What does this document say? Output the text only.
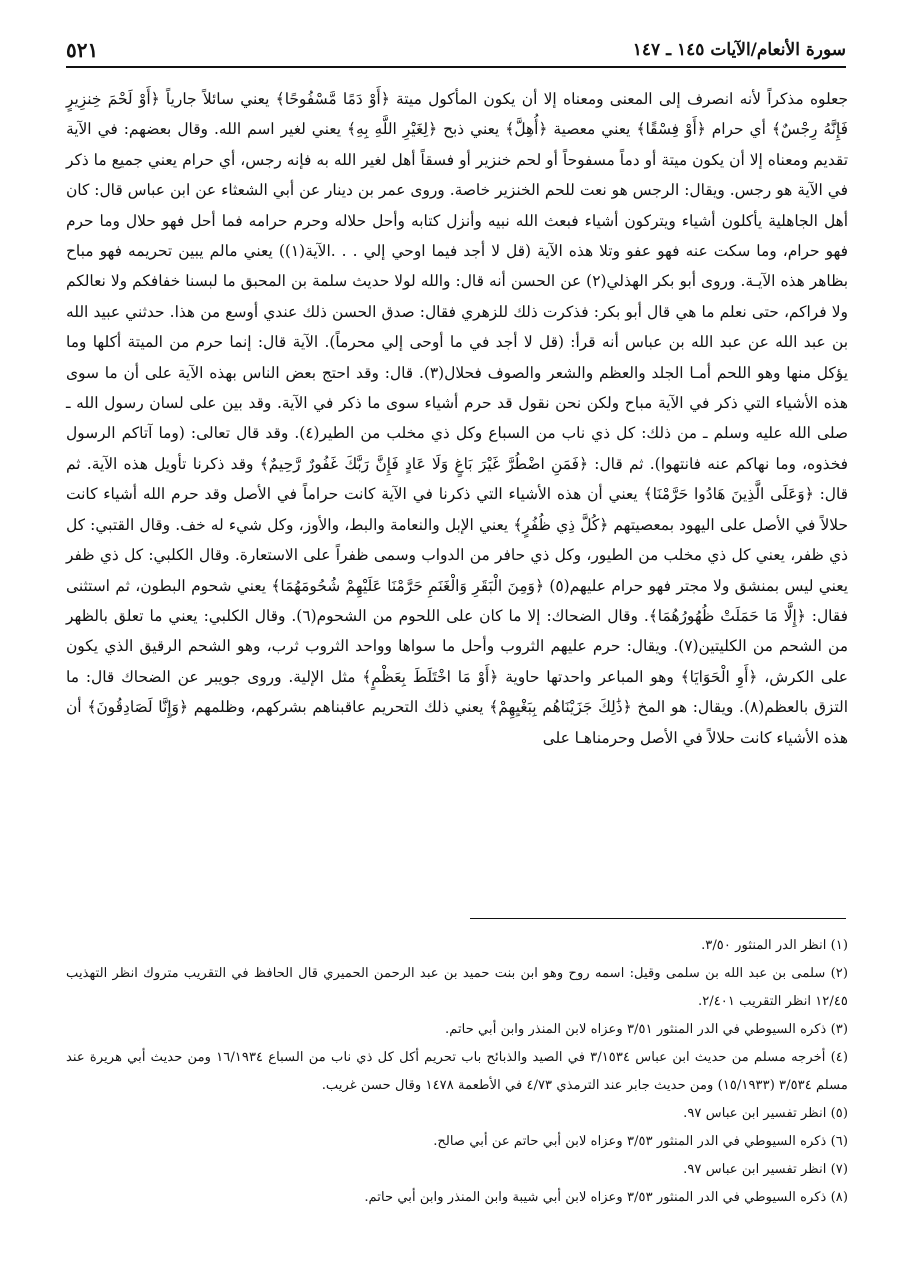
٥٢١	سورة الأنعام/الآيات ١٤٥ ـ ١٤٧

جعلوه مذكراً لأنه انصرف إلى المعنى ومعناه إلا أن يكون المأكول ميتة ﴿أَوْ دَمًا مَّسْفُوحًا﴾ يعني سائلاً جارياً ﴿أَوْ لَحْمَ خِنزِيرٍ فَإِنَّهُ رِجْسٌ﴾ أي حرام ﴿أَوْ فِسْقًا﴾ يعني معصية ﴿أُهِلَّ﴾ يعني ذبح ﴿لِغَيْرِ اللَّهِ بِهِ﴾ يعني لغير اسم الله. وقال بعضهم: في الآية تقديم ومعناه إلا أن يكون ميتة أو دماً مسفوحاً أو لحم خنزير أو فسقاً أهل لغير الله به فإنه رجس، أي حرام يعني جميع ما ذكر في الآية هو رجس. ويقال: الرجس هو نعت للحم الخنزير خاصة. وروى عمر بن دينار عن أبي الشعثاء عن ابن عباس قال: كان أهل الجاهلية يأكلون أشياء ويتركون أشياء فبعث الله نبيه وأنزل كتابه وأحل حلاله وحرم حرامه فما أحل فهو حلال وما حرم فهو حرام، وما سكت عنه فهو عفو وتلا هذه الآية (قل لا أجد فيما اوحي إلي . . .الآية(١)) يعني مالم يبين تحريمه فهو مباح بظاهر هذه الآيـة. وروى أبو بكر الهذلي(٢) عن الحسن أنه قال: والله لولا حديث سلمة بن المحبق ما لبسنا خفافكم ولا نعالكم ولا فراكم، حتى نعلم ما هي قال أبو بكر: فذكرت ذلك للزهري فقال: صدق الحسن ذلك عندي أوسع من هذا. حدثني عبيد الله بن عبد الله عن عبد الله بن عباس أنه قرأ: (قل لا أجد في ما أوحى إلي محرماً). الآية قال: إنما حرم من الميتة أكلها وما يؤكل منها وهو اللحم أمـا الجلد والعظم والشعر والصوف فحلال(٣). قال: وقد احتج بعض الناس بهذه الآية على أن ما سوى هذه الأشياء التي ذكر في الآية مباح ولكن نحن نقول قد حرم أشياء سوى ما ذكر في الآية. وقد بين على لسان رسول الله ـ صلى الله عليه وسلم ـ من ذلك: كل ذي ناب من السباع وكل ذي مخلب من الطير(٤). وقد قال تعالى: (وما آتاكم الرسول فخذوه، وما نهاكم عنه فانتهوا). ثم قال: ﴿فَمَنِ اضْطُرَّ غَيْرَ بَاغٍ وَلَا عَادٍ فَإِنَّ رَبَّكَ غَفُورٌ رَّحِيمٌ﴾ وقد ذكرنا تأويل هذه الآية. ثم قال: ﴿وَعَلَى الَّذِينَ هَادُوا حَرَّمْنَا﴾ يعني أن هذه الأشياء التي ذكرنا في الآية كانت حراماً في الأصل وقد حرم الله أشياء كانت حلالاً في الأصل على اليهود بمعصيتهم ﴿كُلَّ ذِي ظُفُرٍ﴾ يعني الإبل والنعامة والبط، والأوز، وكل شيء له خف. وقال القتبي: كل ذي ظفر، يعني كل ذي مخلب من الطيور، وكل ذي حافر من الدواب وسمى ظفراً على الاستعارة. وقال الكلبي: كل ذي ظفر يعني ليس بمنشق ولا مجتر فهو حرام عليهم(٥) ﴿وَمِنَ الْبَقَرِ وَالْغَنَمِ حَرَّمْنَا عَلَيْهِمْ شُحُومَهُمَا﴾ يعني شحوم البطون، ثم استثنى فقال: ﴿إِلَّا مَا حَمَلَتْ ظُهُورُهُمَا﴾. وقال الضحاك: إلا ما كان على اللحوم من الشحوم(٦). وقال الكلبي: يعني ما تعلق بالظهر من الشحم من الكليتين(٧). ويقال: حرم عليهم الثروب وأحل ما سواها وواحد الثروب ثرب، وهو الشحم الرقيق الذي يكون على الكرش، ﴿أَوِ الْحَوَايَا﴾ وهو المباعر واحدتها حاوية ﴿أَوْ مَا اخْتَلَطَ بِعَظْمٍ﴾ مثل الإلية. وروى جويبر عن الضحاك قال: ما التزق بالعظم(٨). ويقال: هو المخ ﴿ذَٰلِكَ جَزَيْنَاهُم بِبَغْيِهِمْ﴾ يعني ذلك التحريم عاقبناهم بشركهم، وظلمهم ﴿وَإِنَّا لَصَادِقُونَ﴾ أن هذه الأشياء كانت حلالاً في الأصل وحرمناهـا على

(١) انظر الدر المنثور ٣/٥٠.

(٢) سلمى بن عبد الله بن سلمى وقيل: اسمه روح وهو ابن بنت حميد بن عبد الرحمن الحميري قال الحافظ في التقريب متروك انظر التهذيب ١٢/٤٥ انظر التقريب ٢/٤٠١.

(٣) ذكره السيوطي في الدر المنثور ٣/٥١ وعزاه لابن المنذر وابن أبي حاتم.

(٤) أخرجه مسلم من حديث ابن عباس ٣/١٥٣٤ في الصيد والذبائح باب تحريم أكل كل ذي ناب من السباع ١٦/١٩٣٤ ومن حديث أبي هريرة عند مسلم ٣/٥٣٤ (١٥/١٩٣٣) ومن حديث جابر عند الترمذي ٤/٧٣ في الأطعمة ١٤٧٨ وقال حسن غريب.

(٥) انظر تفسير ابن عباس ٩٧.

(٦) ذكره السيوطي في الدر المنثور ٣/٥٣ وعزاه لابن أبي حاتم عن أبي صالح.

(٧) انظر تفسير ابن عباس ٩٧.

(٨) ذكره السيوطي في الدر المنثور ٣/٥٣ وعزاه لابن أبي شيبة وابن المنذر وابن أبي حاتم.
